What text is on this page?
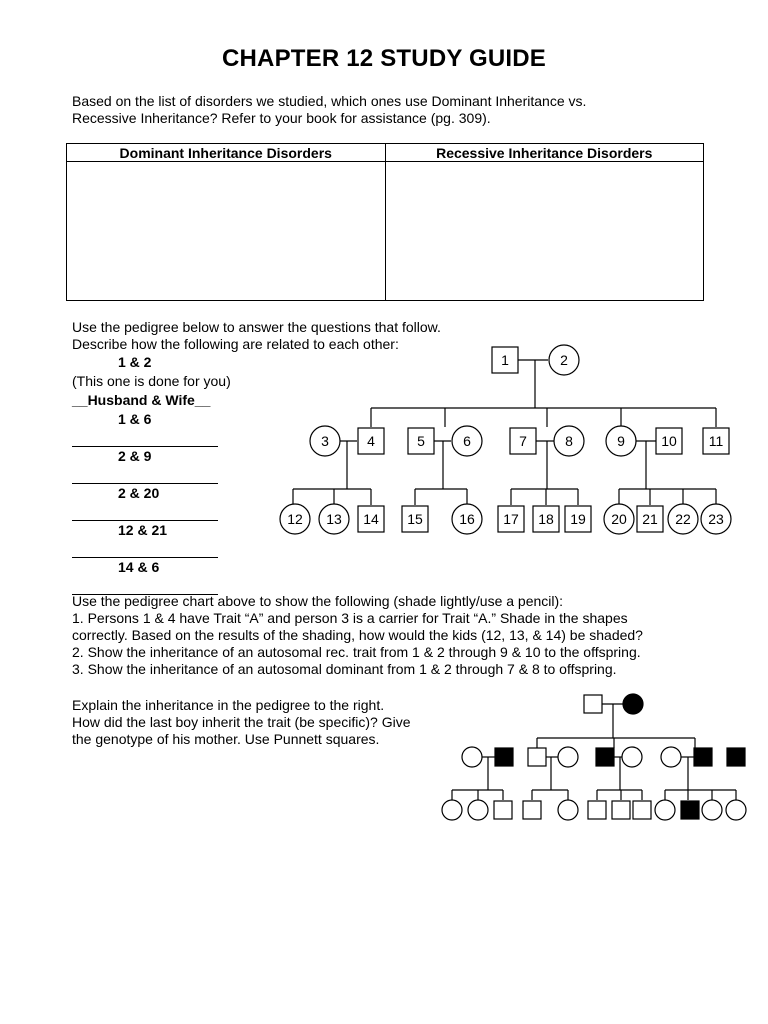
CHAPTER 12 STUDY GUIDE
Based on the list of disorders we studied, which ones use Dominant Inheritance vs.
Recessive Inheritance? Refer to your book for assistance (pg. 309).
Dominant Inheritance Disorders	Recessive Inheritance Disorders

Use the pedigree below to answer the questions that follow.
Describe how the following are related to each other:
1 & 2
(This one is done for you)
__Husband & Wife__
1 & 6
2 & 9
2 & 20
12 & 21
14 & 6
1	2
3	4	5	6	7	8	9	10 11
12 13 14 15	16 17 18 19 20 21 22 23
Use the pedigree chart above to show the following (shade lightly/use a pencil):
1. Persons 1 & 4 have Trait “A” and person 3 is a carrier for Trait “A.” Shade in the shapes
correctly. Based on the results of the shading, how would the kids (12, 13, & 14) be shaded?
2. Show the inheritance of an autosomal rec. trait from 1 & 2 through 9 & 10 to the offspring.
3. Show the inheritance of an autosomal dominant from 1 & 2 through 7 & 8 to offspring.
Explain the inheritance in the pedigree to the right.
How did the last boy inherit the trait (be specific)? Give
the genotype of his mother. Use Punnett squares.
